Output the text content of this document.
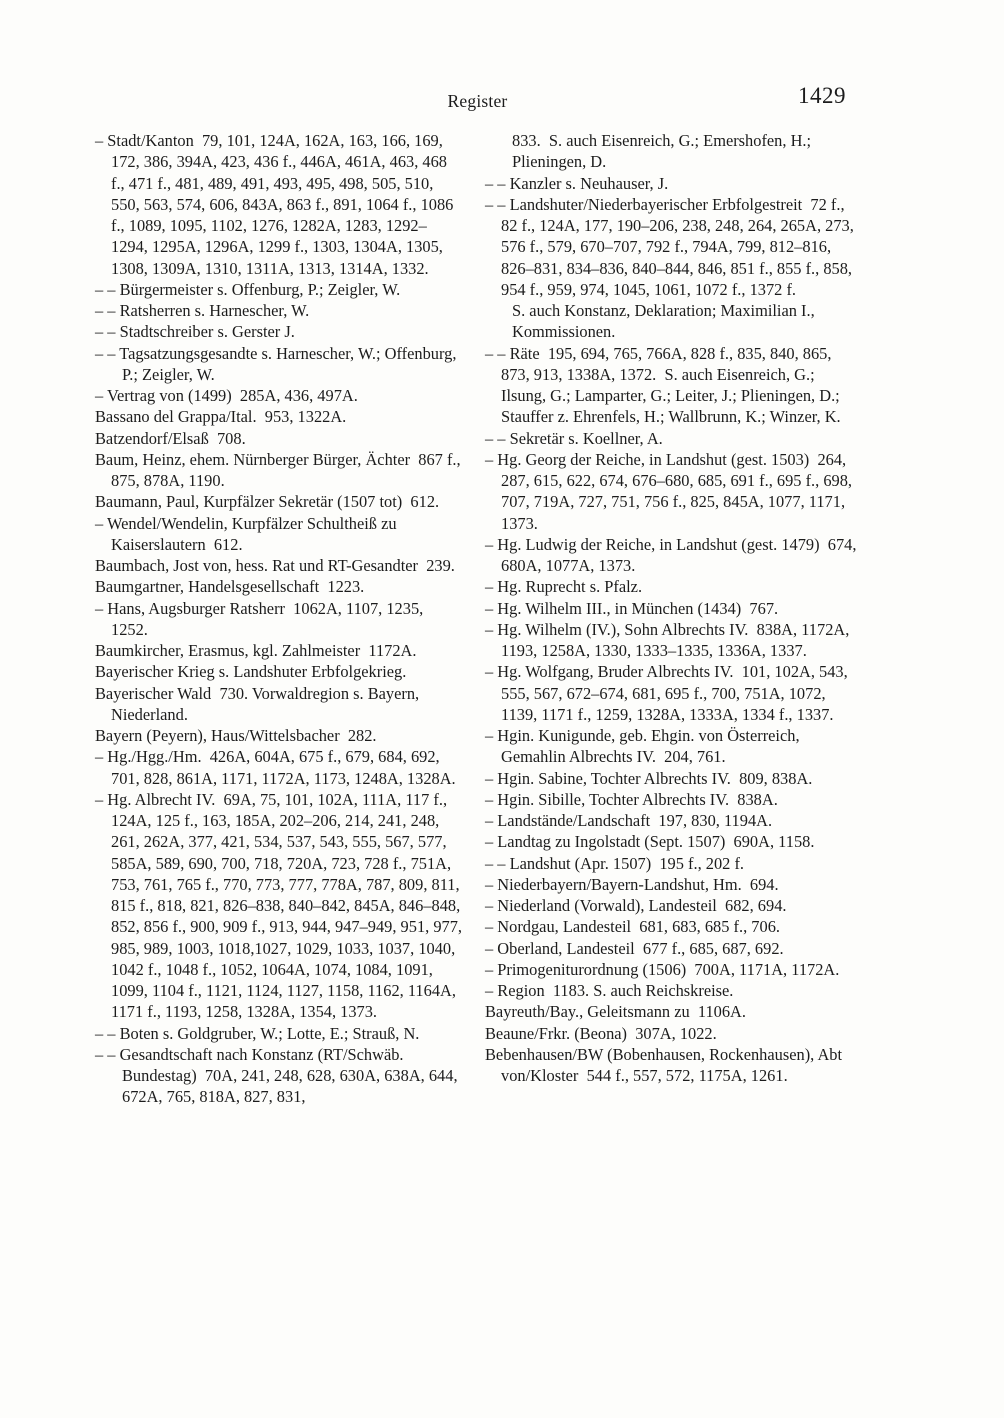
Register	1429

– Stadt/Kanton  79, 101, 124A, 162A, 163, 166, 169, 172, 386, 394A, 423, 436 f., 446A, 461A, 463, 468 f., 471 f., 481, 489, 491, 493, 495, 498, 505, 510, 550, 563, 574, 606, 843A, 863 f., 891, 1064 f., 1086 f., 1089, 1095, 1102, 1276, 1282A, 1283, 1292–1294, 1295A, 1296A, 1299 f., 1303, 1304A, 1305, 1308, 1309A, 1310, 1311A, 1313, 1314A, 1332.

– – Bürgermeister s. Offenburg, P.; Zeigler, W.

– – Ratsherren s. Harnescher, W.

– – Stadtschreiber s. Gerster J.

– – Tagsatzungsgesandte s. Harnescher, W.; Offenburg, P.; Zeigler, W.

– Vertrag von (1499)  285A, 436, 497A.

Bassano del Grappa/Ital.  953, 1322A.

Batzendorf/Elsaß  708.

Baum, Heinz, ehem. Nürnberger Bürger, Ächter  867 f., 875, 878A, 1190.

Baumann, Paul, Kurpfälzer Sekretär (1507 tot)  612.

– Wendel/Wendelin, Kurpfälzer Schultheiß zu Kaiserslautern  612.

Baumbach, Jost von, hess. Rat und RT-Gesandter  239.

Baumgartner, Handelsgesellschaft  1223.

– Hans, Augsburger Ratsherr  1062A, 1107, 1235, 1252.

Baumkircher, Erasmus, kgl. Zahlmeister  1172A.

Bayerischer Krieg s. Landshuter Erbfolgekrieg.

Bayerischer Wald  730. Vorwaldregion s. Bayern, Niederland.

Bayern (Peyern), Haus/Wittelsbacher  282.

– Hg./Hgg./Hm.  426A, 604A, 675 f., 679, 684, 692, 701, 828, 861A, 1171, 1172A, 1173, 1248A, 1328A.

– Hg. Albrecht IV.  69A, 75, 101, 102A, 111A, 117 f., 124A, 125 f., 163, 185A, 202–206, 214, 241, 248, 261, 262A, 377, 421, 534, 537, 543, 555, 567, 577, 585A, 589, 690, 700, 718, 720A, 723, 728 f., 751A, 753, 761, 765 f., 770, 773, 777, 778A, 787, 809, 811, 815 f., 818, 821, 826–838, 840–842, 845A, 846–848, 852, 856 f., 900, 909 f., 913, 944, 947–949, 951, 977, 985, 989, 1003, 1018,1027, 1029, 1033, 1037, 1040, 1042 f., 1048 f., 1052, 1064A, 1074, 1084, 1091, 1099, 1104 f., 1121, 1124, 1127, 1158, 1162, 1164A, 1171 f., 1193, 1258, 1328A, 1354, 1373.

– – Boten s. Goldgruber, W.; Lotte, E.; Strauß, N.

– – Gesandtschaft nach Konstanz (RT/Schwäb. Bundestag)  70A, 241, 248, 628, 630A, 638A, 644, 672A, 765, 818A, 827, 831,

833.  S. auch Eisenreich, G.; Emershofen, H.; Plieningen, D.

– – Kanzler s. Neuhauser, J.

– – Landshuter/Niederbayerischer Erbfolgestreit  72 f., 82 f., 124A, 177, 190–206, 238, 248, 264, 265A, 273, 576 f., 579, 670–707, 792 f., 794A, 799, 812–816, 826–831, 834–836, 840–844, 846, 851 f., 855 f., 858, 954 f., 959, 974, 1045, 1061, 1072 f., 1372 f.

S. auch Konstanz, Deklaration; Maximilian I., Kommissionen.

– – Räte  195, 694, 765, 766A, 828 f., 835, 840, 865, 873, 913, 1338A, 1372.  S. auch Eisenreich, G.; Ilsung, G.; Lamparter, G.; Leiter, J.; Plieningen, D.; Stauffer z. Ehrenfels, H.; Wallbrunn, K.; Winzer, K.

– – Sekretär s. Koellner, A.

– Hg. Georg der Reiche, in Landshut (gest. 1503)  264, 287, 615, 622, 674, 676–680, 685, 691 f., 695 f., 698, 707, 719A, 727, 751, 756 f., 825, 845A, 1077, 1171, 1373.

– Hg. Ludwig der Reiche, in Landshut (gest. 1479)  674, 680A, 1077A, 1373.

– Hg. Ruprecht s. Pfalz.

– Hg. Wilhelm III., in München (1434)  767.

– Hg. Wilhelm (IV.), Sohn Albrechts IV.  838A, 1172A, 1193, 1258A, 1330, 1333–1335, 1336A, 1337.

– Hg. Wolfgang, Bruder Albrechts IV.  101, 102A, 543, 555, 567, 672–674, 681, 695 f., 700, 751A, 1072, 1139, 1171 f., 1259, 1328A, 1333A, 1334 f., 1337.

– Hgin. Kunigunde, geb. Ehgin. von Österreich, Gemahlin Albrechts IV.  204, 761.

– Hgin. Sabine, Tochter Albrechts IV.  809, 838A.

– Hgin. Sibille, Tochter Albrechts IV.  838A.

– Landstände/Landschaft  197, 830, 1194A.

– Landtag zu Ingolstadt (Sept. 1507)  690A, 1158.

– – Landshut (Apr. 1507)  195 f., 202 f.

– Niederbayern/Bayern-Landshut, Hm.  694.

– Niederland (Vorwald), Landesteil  682, 694.

– Nordgau, Landesteil  681, 683, 685 f., 706.

– Oberland, Landesteil  677 f., 685, 687, 692.

– Primogeniturordnung (1506)  700A, 1171A, 1172A.

– Region  1183. S. auch Reichskreise.

Bayreuth/Bay., Geleitsmann zu  1106A.

Beaune/Frkr. (Beona)  307A, 1022.

Bebenhausen/BW (Bobenhausen, Rockenhausen), Abt von/Kloster  544 f., 557, 572, 1175A, 1261.
